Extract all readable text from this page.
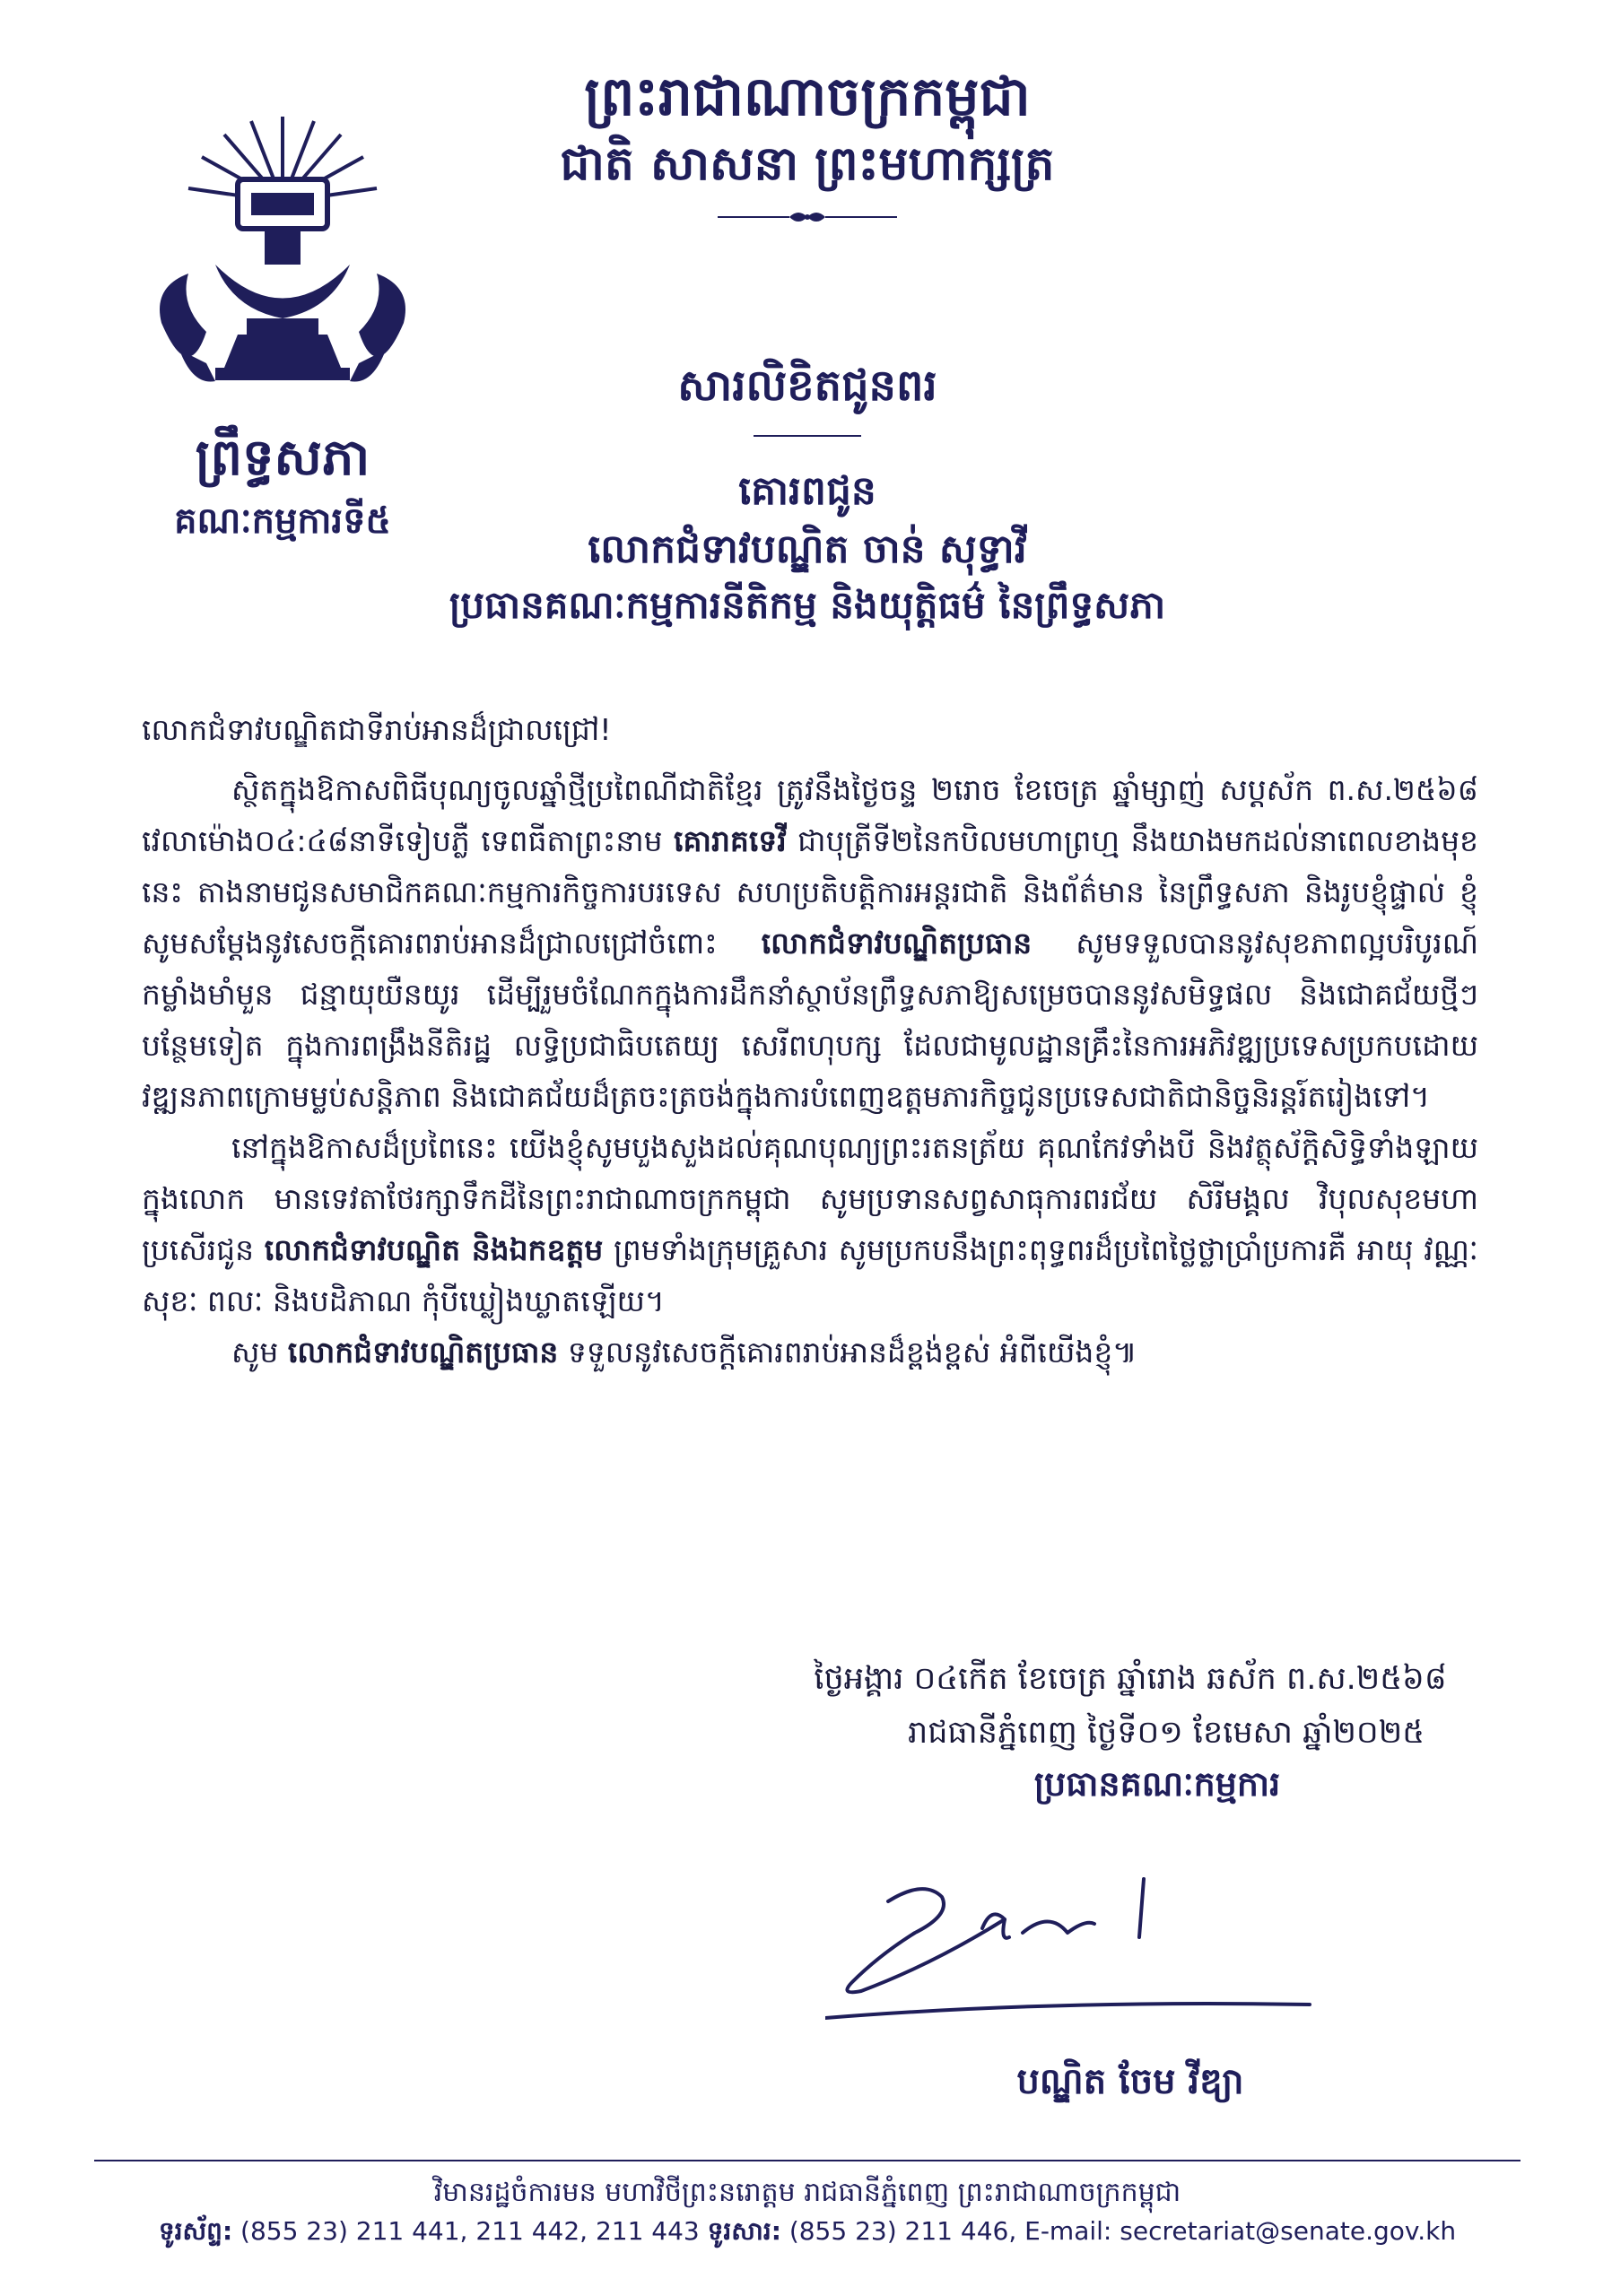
ព្រះរាជាណាចក្រកម្ពុជា
ជាតិ សាសនា ព្រះមហាក្សត្រ
ព្រឹទ្ធសភា
គណៈកម្មការទី៥
សារលិខិតជូនពរ
គោរពជូន
លោកជំទាវបណ្ឌិត ចាន់ សុទ្ធាវី
ប្រធានគណៈកម្មការនីតិកម្ម និងយុត្តិធម៌ នៃព្រឹទ្ធសភា

លោកជំទាវបណ្ឌិតជាទីរាប់អានដ៏ជ្រាលជ្រៅ!

ស្ថិតក្នុងឱកាសពិធីបុណ្យចូលឆ្នាំថ្មីប្រពៃណីជាតិខ្មែរ ត្រូវនឹងថ្ងៃចន្ទ ២រោច ខែចេត្រ ឆ្នាំម្សាញ់ សប្តស័ក ព.ស.២៥៦៨ វេលាម៉ោង០៤:៤៨នាទីទៀបភ្លឺ ទេពធីតាព្រះនាម គោរាគទេវី ជាបុត្រីទី២នៃកបិលមហាព្រហ្ម នឹងយាងមកដល់នាពេលខាងមុខនេះ តាងនាមជូនសមាជិកគណៈកម្មការកិច្ចការបរទេស សហប្រតិបត្តិការអន្តរជាតិ និងព័ត៌មាន នៃព្រឹទ្ធសភា និងរូបខ្ញុំផ្ទាល់ ខ្ញុំសូមសម្តែងនូវសេចក្តីគោរពរាប់អានដ៏ជ្រាលជ្រៅចំពោះ លោកជំទាវបណ្ឌិតប្រធាន សូមទទួលបាននូវសុខភាពល្អបរិបូរណ៍ កម្លាំងមាំមួន ជន្មាយុយឺនយូរ ដើម្បីរួមចំណែកក្នុងការដឹកនាំស្ថាប័នព្រឹទ្ធសភាឱ្យសម្រេចបាននូវសមិទ្ធផល និងជោគជ័យថ្មីៗបន្ថែមទៀត ក្នុងការពង្រឹងនីតិរដ្ឋ លទ្ធិប្រជាធិបតេយ្យ សេរីពហុបក្ស ដែលជាមូលដ្ឋានគ្រឹះនៃការអភិវឌ្ឍប្រទេសប្រកបដោយវឌ្ឍនភាពក្រោមម្លប់សន្តិភាព និងជោគជ័យដ៏ត្រចះត្រចង់ក្នុងការបំពេញឧត្តមភារកិច្ចជូនប្រទេសជាតិជានិច្ចនិរន្តរ៍តរៀងទៅ។

នៅក្នុងឱកាសដ៏ប្រពៃនេះ យើងខ្ញុំសូមបួងសួងដល់គុណបុណ្យព្រះរតនត្រ័យ គុណកែវទាំងបី និងវត្ថុស័ក្តិសិទ្ធិទាំងឡាយក្នុងលោក មានទេវតាថែរក្សាទឹកដីនៃព្រះរាជាណាចក្រកម្ពុជា សូមប្រទានសព្វសាធុការពរជ័យ សិរីមង្គល វិបុលសុខមហាប្រសើរជូន លោកជំទាវបណ្ឌិត និងឯកឧត្តម ព្រមទាំងក្រុមគ្រួសារ សូមប្រកបនឹងព្រះពុទ្ធពរដ៏ប្រពៃថ្លៃថ្លាប្រាំប្រការគឺ អាយុ វណ្ណៈ សុខៈ ពលៈ និងបដិភាណ កុំបីឃ្លៀងឃ្លាតឡើយ។

សូម លោកជំទាវបណ្ឌិតប្រធាន ទទួលនូវសេចក្តីគោរពរាប់អានដ៏ខ្ពង់ខ្ពស់ អំពីយើងខ្ញុំ៕

ថ្ងៃអង្គារ ០៤កើត ខែចេត្រ ឆ្នាំរោង ឆស័ក ព.ស.២៥៦៨
រាជធានីភ្នំពេញ ថ្ងៃទី០១ ខែមេសា ឆ្នាំ២០២៥
ប្រធានគណៈកម្មការ
បណ្ឌិត ចែម វីឌ្យា
វិមានរដ្ឋចំការមន មហាវិថីព្រះនរោត្តម រាជធានីភ្នំពេញ ព្រះរាជាណាចក្រកម្ពុជា
ទូរស័ព្ទ: (855 23) 211 441, 211 442, 211 443 ទូរសារ: (855 23) 211 446, E-mail: secretariat@senate.gov.kh
